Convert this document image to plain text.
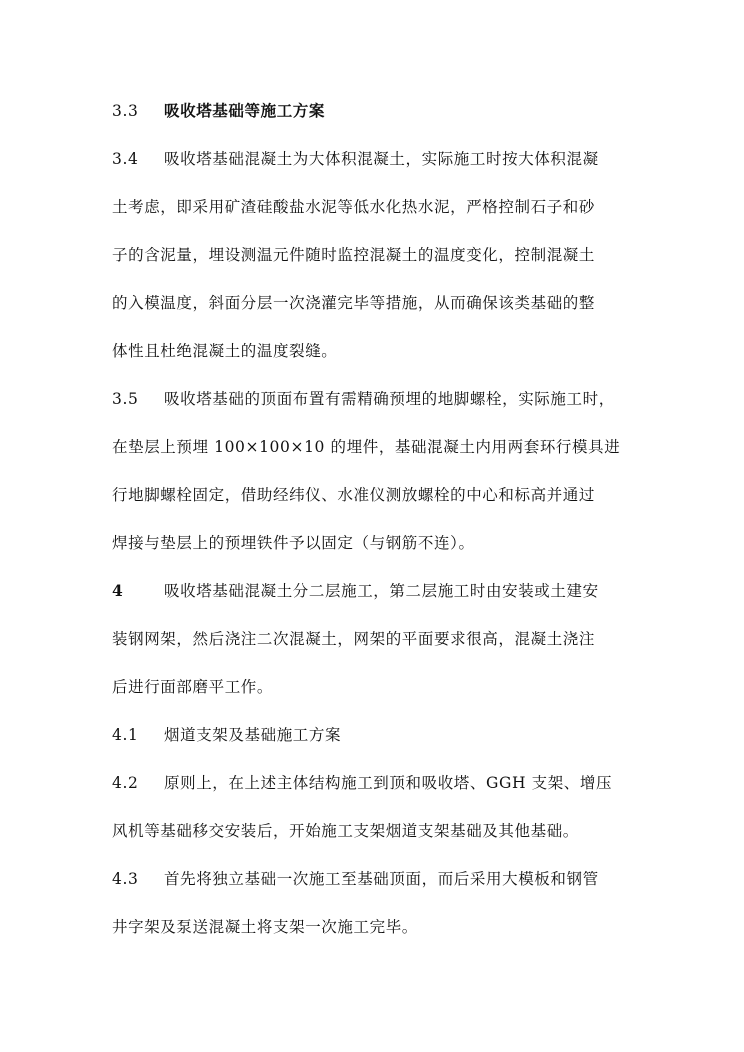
3.3 吸收塔基础等施工方案
3.4 吸收塔基础混凝土为大体积混凝土，实际施工时按大体积混凝
土考虑，即采用矿渣硅酸盐水泥等低水化热水泥，严格控制石子和砂
子的含泥量，埋设测温元件随时监控混凝土的温度变化，控制混凝土
的入模温度，斜面分层一次浇灌完毕等措施，从而确保该类基础的整
体性且杜绝混凝土的温度裂缝。
3.5 吸收塔基础的顶面布置有需精确预埋的地脚螺栓，实际施工时，
在垫层上预埋 100×100×10 的埋件，基础混凝土内用两套环行模具进
行地脚螺栓固定，借助经纬仪、水准仪测放螺栓的中心和标高并通过
焊接与垫层上的预埋铁件予以固定（与钢筋不连）。
4	吸收塔基础混凝土分二层施工，第二层施工时由安装或土建安
装钢网架，然后浇注二次混凝土，网架的平面要求很高，混凝土浇注
后进行面部磨平工作。
4.1 烟道支架及基础施工方案
4.2 原则上，在上述主体结构施工到顶和吸收塔、GGH 支架、增压
风机等基础移交安装后，开始施工支架烟道支架基础及其他基础。
4.3 首先将独立基础一次施工至基础顶面，而后采用大模板和钢管
井字架及泵送混凝土将支架一次施工完毕。
